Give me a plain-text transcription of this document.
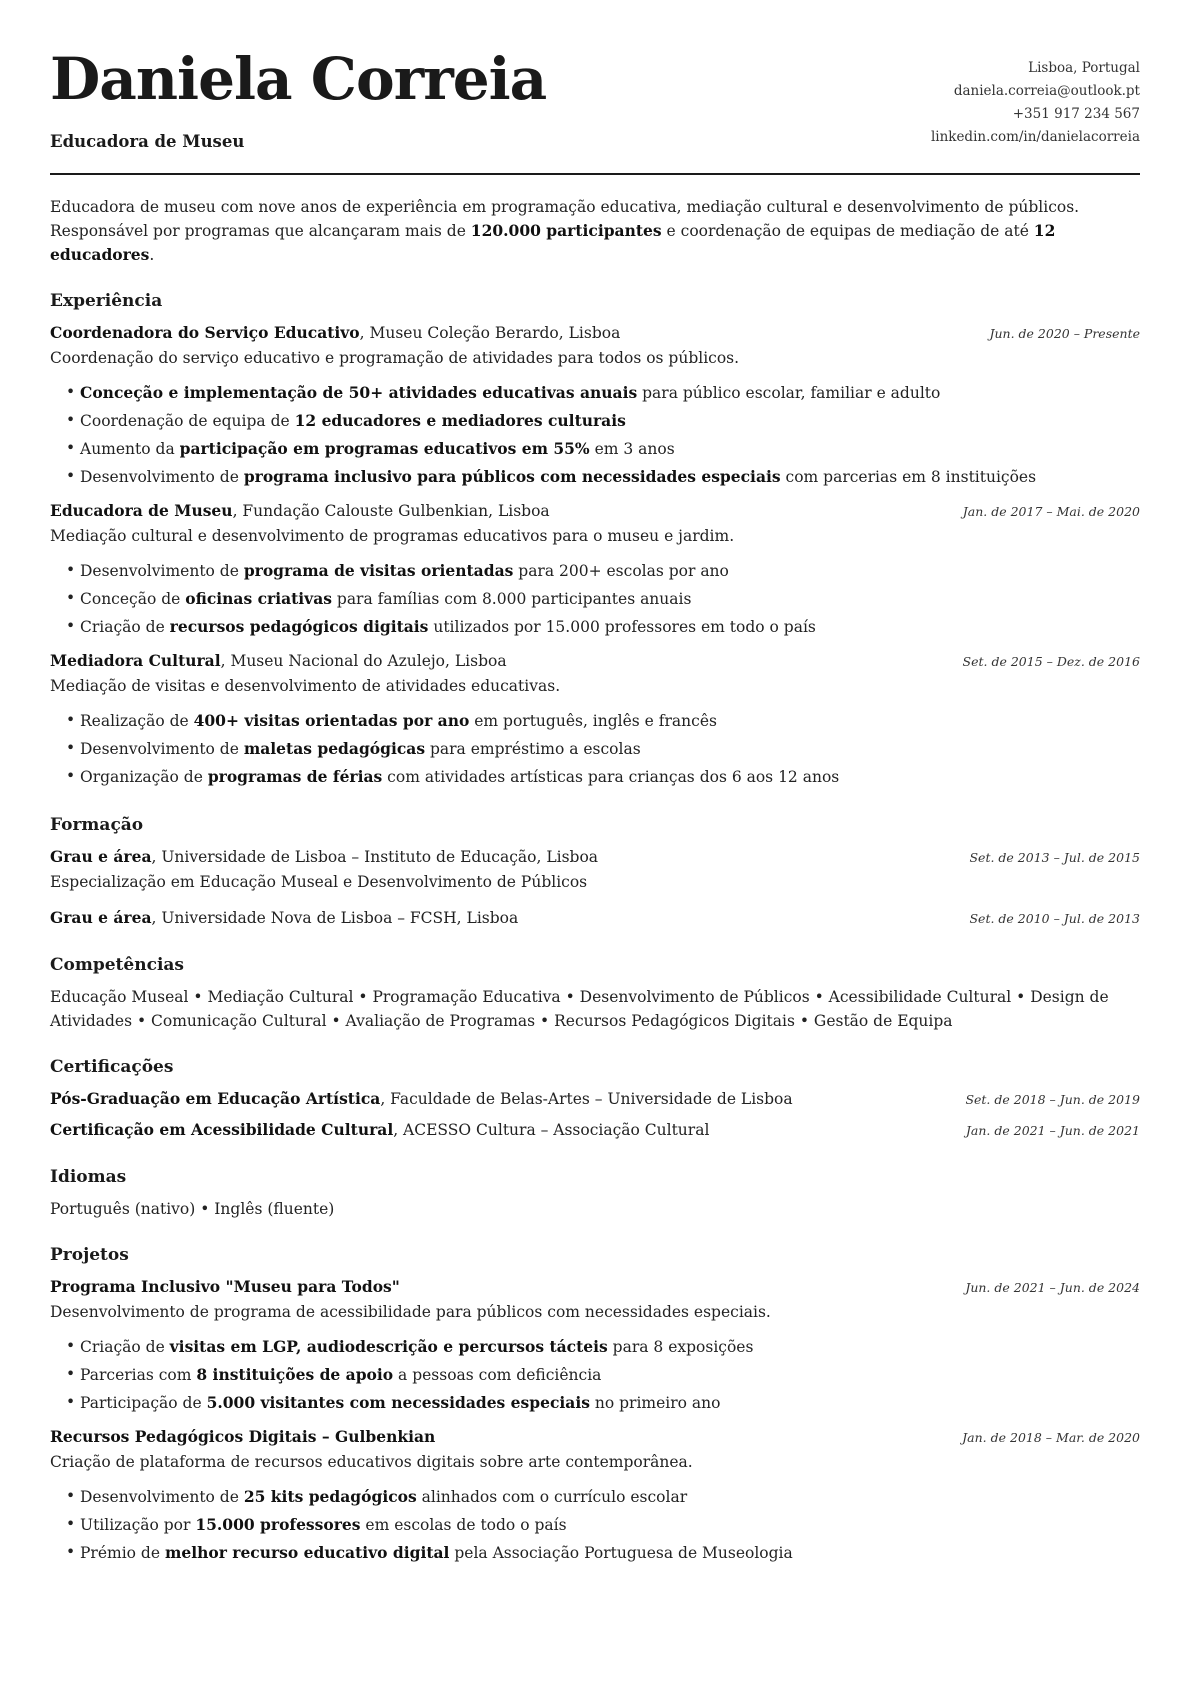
Daniela Correia
Educadora de Museu
Lisboa, Portugal
daniela.correia@outlook.pt
+351 917 234 567
linkedin.com/in/danielacorreia
Educadora de museu com nove anos de experiência em programação educativa, mediação cultural e desenvolvimento de públicos. Responsável por programas que alcançaram mais de 120.000 participantes e coordenação de equipas de mediação de até 12 educadores.
Experiência
Coordenadora do Serviço Educativo, Museu Coleção Berardo, Lisboa	Jun. de 2020 – Presente
Coordenação do serviço educativo e programação de atividades para todos os públicos.
• Conceção e implementação de 50+ atividades educativas anuais para público escolar, familiar e adulto
• Coordenação de equipa de 12 educadores e mediadores culturais
• Aumento da participação em programas educativos em 55% em 3 anos
• Desenvolvimento de programa inclusivo para públicos com necessidades especiais com parcerias em 8 instituições
Educadora de Museu, Fundação Calouste Gulbenkian, Lisboa	Jan. de 2017 – Mai. de 2020
Mediação cultural e desenvolvimento de programas educativos para o museu e jardim.
• Desenvolvimento de programa de visitas orientadas para 200+ escolas por ano
• Conceção de oficinas criativas para famílias com 8.000 participantes anuais
• Criação de recursos pedagógicos digitais utilizados por 15.000 professores em todo o país
Mediadora Cultural, Museu Nacional do Azulejo, Lisboa	Set. de 2015 – Dez. de 2016
Mediação de visitas e desenvolvimento de atividades educativas.
• Realização de 400+ visitas orientadas por ano em português, inglês e francês
• Desenvolvimento de maletas pedagógicas para empréstimo a escolas
• Organização de programas de férias com atividades artísticas para crianças dos 6 aos 12 anos
Formação
Grau e área, Universidade de Lisboa – Instituto de Educação, Lisboa	Set. de 2013 – Jul. de 2015
Especialização em Educação Museal e Desenvolvimento de Públicos
Grau e área, Universidade Nova de Lisboa – FCSH, Lisboa	Set. de 2010 – Jul. de 2013
Competências
Educação Museal • Mediação Cultural • Programação Educativa • Desenvolvimento de Públicos • Acessibilidade Cultural • Design de Atividades • Comunicação Cultural • Avaliação de Programas • Recursos Pedagógicos Digitais • Gestão de Equipa
Certificações
Pós-Graduação em Educação Artística, Faculdade de Belas-Artes – Universidade de Lisboa	Set. de 2018 – Jun. de 2019
Certificação em Acessibilidade Cultural, ACESSO Cultura – Associação Cultural	Jan. de 2021 – Jun. de 2021
Idiomas
Português (nativo) • Inglês (fluente)
Projetos
Programa Inclusivo "Museu para Todos"	Jun. de 2021 – Jun. de 2024
Desenvolvimento de programa de acessibilidade para públicos com necessidades especiais.
• Criação de visitas em LGP, audiodescrição e percursos tácteis para 8 exposições
• Parcerias com 8 instituições de apoio a pessoas com deficiência
• Participação de 5.000 visitantes com necessidades especiais no primeiro ano
Recursos Pedagógicos Digitais – Gulbenkian	Jan. de 2018 – Mar. de 2020
Criação de plataforma de recursos educativos digitais sobre arte contemporânea.
• Desenvolvimento de 25 kits pedagógicos alinhados com o currículo escolar
• Utilização por 15.000 professores em escolas de todo o país
• Prémio de melhor recurso educativo digital pela Associação Portuguesa de Museologia
